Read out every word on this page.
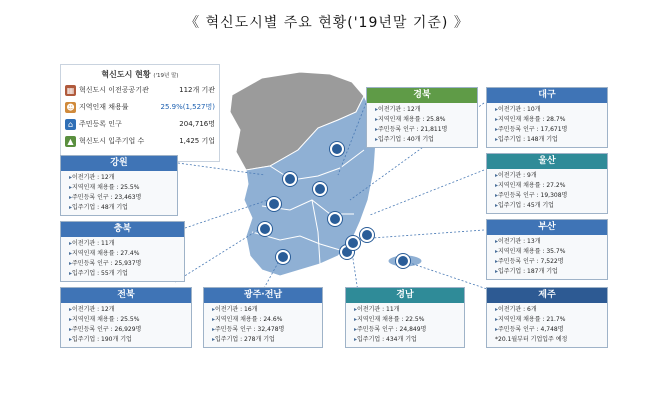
《 혁신도시별 주요 현황('19년말 기준) 》
혁신도시 현황 ('19년 말)
▦ 혁신도시 이전공공기관	112개 기관
☻ 지역인재 채용률	25.9%(1,527명)
⌂ 주민등록 인구	204,716명
▲ 혁신도시 입주기업 수	1,425 기업
강원
▸ 이전기관 : 12개
▸ 지역인재 채용률 : 25.5%
▸ 주민등록 인구 : 23,463명
▸ 입주기업 : 48개 기업
충북
▸ 이전기관 : 11개
▸ 지역인재 채용률 : 27.4%
▸ 주민등록 인구 : 25,937명
▸ 입주기업 : 55개 기업
전북
▸ 이전기관 : 12개
▸ 지역인재 채용률 : 25.5%
▸ 주민등록 인구 : 26,929명
▸ 입주기업 : 190개 기업
광주·전남
▸ 이전기관 : 16개
▸ 지역인재 채용률 : 24.6%
▸ 주민등록 인구 : 32,478명
▸ 입주기업 : 278개 기업
경남
▸ 이전기관 : 11개
▸ 지역인재 채용률 : 22.5%
▸ 주민등록 인구 : 24,849명
▸ 입주기업 : 434개 기업
제주
▸ 이전기관 : 6개
▸ 지역인재 채용률 : 21.7%
▸ 주민등록 인구 : 4,748명
*20.1월부터 기업입주 예정
경북
▸ 이전기관 : 12개
▸ 지역인재 채용률 : 25.8%
▸ 주민등록 인구 : 21,811명
▸ 입주기업 : 40개 기업
대구
▸ 이전기관 : 10개
▸ 지역인재 채용률 : 28.7%
▸ 주민등록 인구 : 17,671명
▸ 입주기업 : 148개 기업
울산
▸ 이전기관 : 9개
▸ 지역인재 채용률 : 27.2%
▸ 주민등록 인구 : 19,308명
▸ 입주기업 : 45개 기업
부산
▸ 이전기관 : 13개
▸ 지역인재 채용률 : 35.7%
▸ 주민등록 인구 : 7,522명
▸ 입주기업 : 187개 기업
